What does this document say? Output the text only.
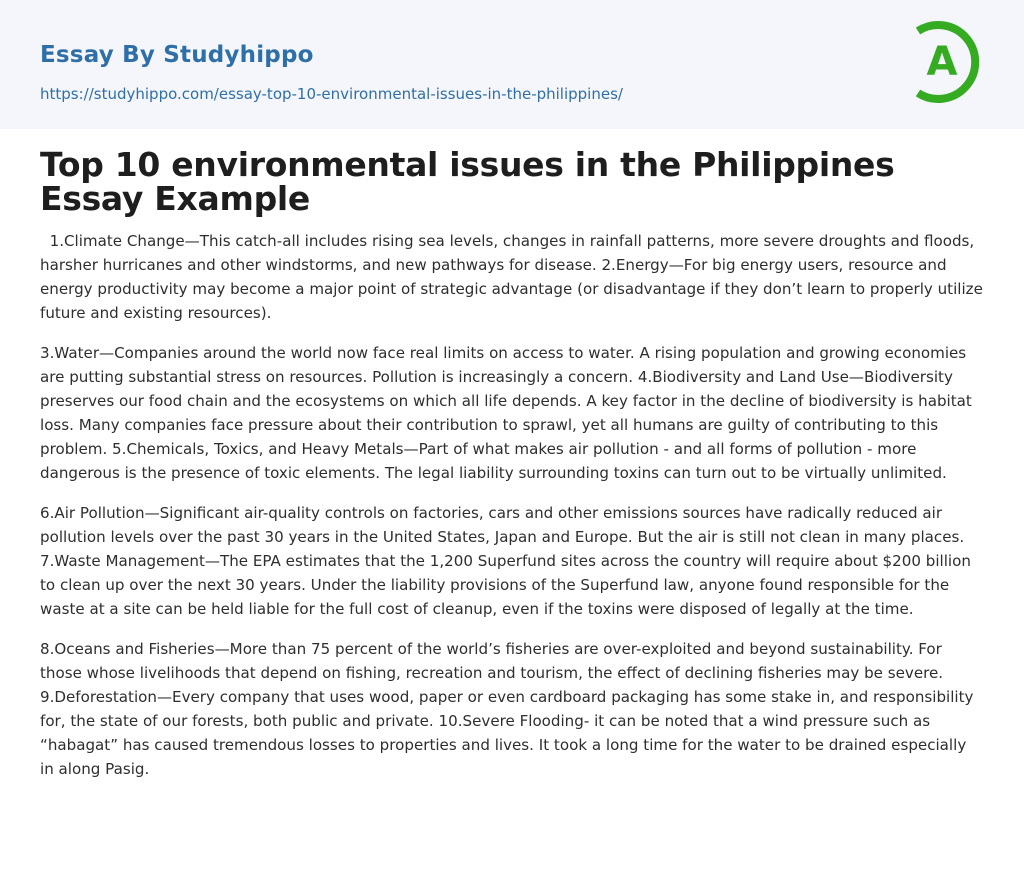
Essay By Studyhippo
https://studyhippo.com/essay-top-10-environmental-issues-in-the-philippines/
A
Top 10 environmental issues in the Philippines Essay Example

1.Climate Change—This catch-all includes rising sea levels, changes in rainfall patterns, more severe droughts and floods, harsher hurricanes and other windstorms, and new pathways for disease. 2.Energy—For big energy users, resource and energy productivity may become a major point of strategic advantage (or disadvantage if they don’t learn to properly utilize future and existing resources).

3.Water—Companies around the world now face real limits on access to water. A rising population and growing economies are putting substantial stress on resources. Pollution is increasingly a concern. 4.Biodiversity and Land Use—Biodiversity preserves our food chain and the ecosystems on which all life depends. A key factor in the decline of biodiversity is habitat loss. Many companies face pressure about their contribution to sprawl, yet all humans are guilty of contributing to this problem. 5.Chemicals, Toxics, and Heavy Metals—Part of what makes air pollution - and all forms of pollution - more dangerous is the presence of toxic elements. The legal liability surrounding toxins can turn out to be virtually unlimited.

6.Air Pollution—Significant air-quality controls on factories, cars and other emissions sources have radically reduced air pollution levels over the past 30 years in the United States, Japan and Europe. But the air is still not clean in many places. 7.Waste Management—The EPA estimates that the 1,200 Superfund sites across the country will require about $200 billion to clean up over the next 30 years. Under the liability provisions of the Superfund law, anyone found responsible for the waste at a site can be held liable for the full cost of cleanup, even if the toxins were disposed of legally at the time.

8.Oceans and Fisheries—More than 75 percent of the world’s fisheries are over-exploited and beyond sustainability. For those whose livelihoods that depend on fishing, recreation and tourism, the effect of declining fisheries may be severe. 9.Deforestation—Every company that uses wood, paper or even cardboard packaging has some stake in, and responsibility for, the state of our forests, both public and private. 10.Severe Flooding- it can be noted that a wind pressure such as “habagat” has caused tremendous losses to properties and lives. It took a long time for the water to be drained especially in along Pasig.
